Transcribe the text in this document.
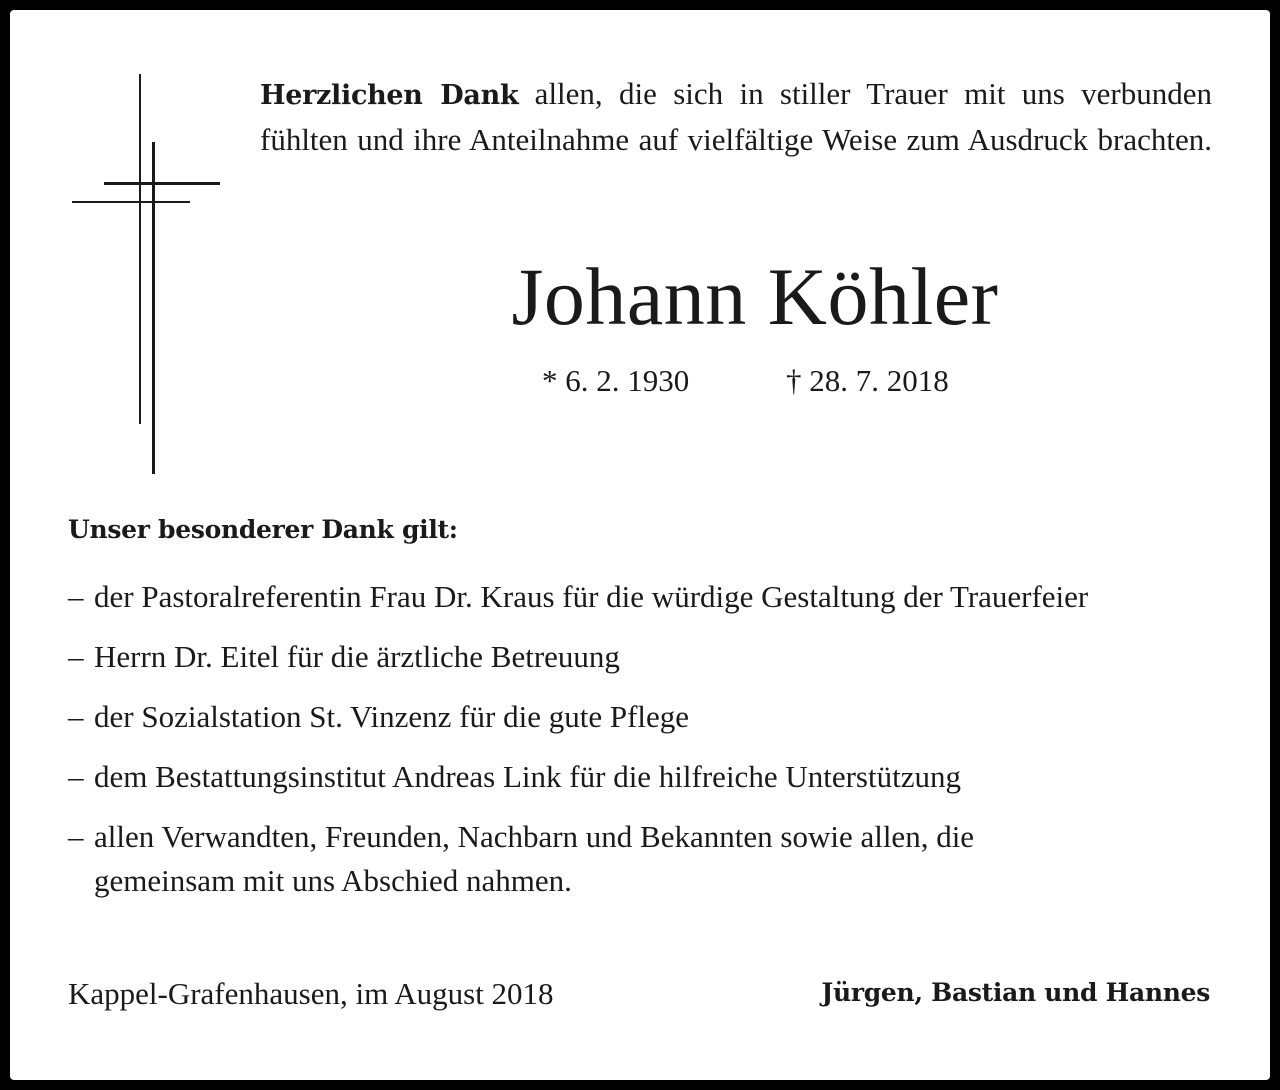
Herzlichen Dank allen, die sich in stiller Trauer mit uns verbunden
fühlten und ihre Anteilnahme auf vielfältige Weise zum Ausdruck brachten.
Johann Köhler
* 6. 2. 1930	† 28. 7. 2018
Unser besonderer Dank gilt:
– der Pastoralreferentin Frau Dr. Kraus für die würdige Gestaltung der Trauerfeier
– Herrn Dr. Eitel für die ärztliche Betreuung
– der Sozialstation St. Vinzenz für die gute Pflege
– dem Bestattungsinstitut Andreas Link für die hilfreiche Unterstützung
– allen Verwandten, Freunden, Nachbarn und Bekannten sowie allen, die
gemeinsam mit uns Abschied nahmen.
Kappel-Grafenhausen, im August 2018	Jürgen, Bastian und Hannes
